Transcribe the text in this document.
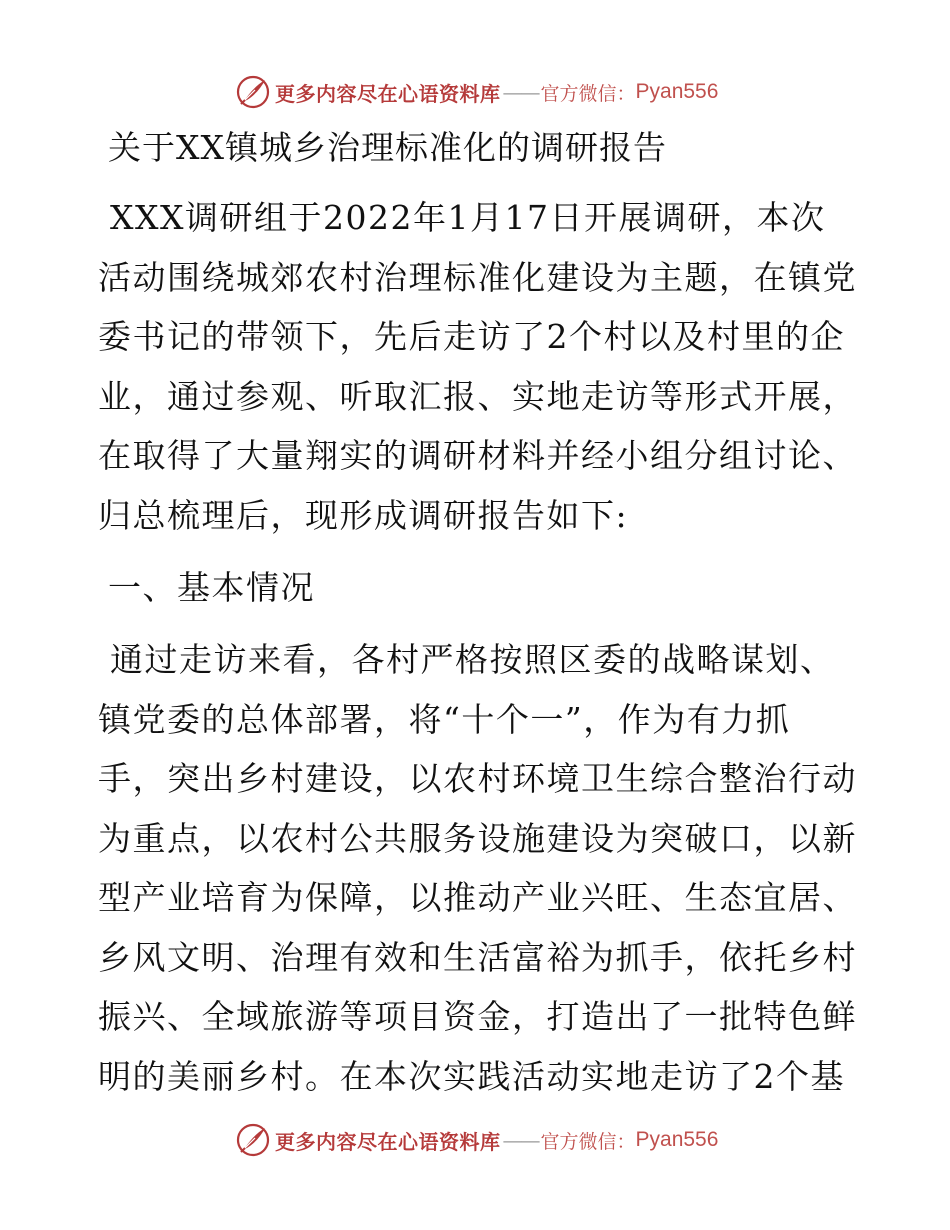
更多内容尽在心语资料库 —— 官方微信： Pyan556
关于XX镇城乡治理标准化的调研报告

XXX调研组于2022年1月17日开展调研，本次活动围绕城郊农村治理标准化建设为主题，在镇党委书记的带领下，先后走访了2个村以及村里的企业，通过参观、听取汇报、实地走访等形式开展，在取得了大量翔实的调研材料并经小组分组讨论、归总梳理后，现形成调研报告如下:

一、基本情况

通过走访来看，各村严格按照区委的战略谋划、镇党委的总体部署，将“十个一”，作为有力抓手，突出乡村建设，以农村环境卫生综合整治行动为重点，以农村公共服务设施建设为突破口，以新型产业培育为保障，以推动产业兴旺、生态宜居、乡风文明、治理有效和生活富裕为抓手，依托乡村振兴、全域旅游等项目资金，打造出了一批特色鲜明的美丽乡村。在本次实践活动实地走访了2个基

更多内容尽在心语资料库 —— 官方微信： Pyan556
